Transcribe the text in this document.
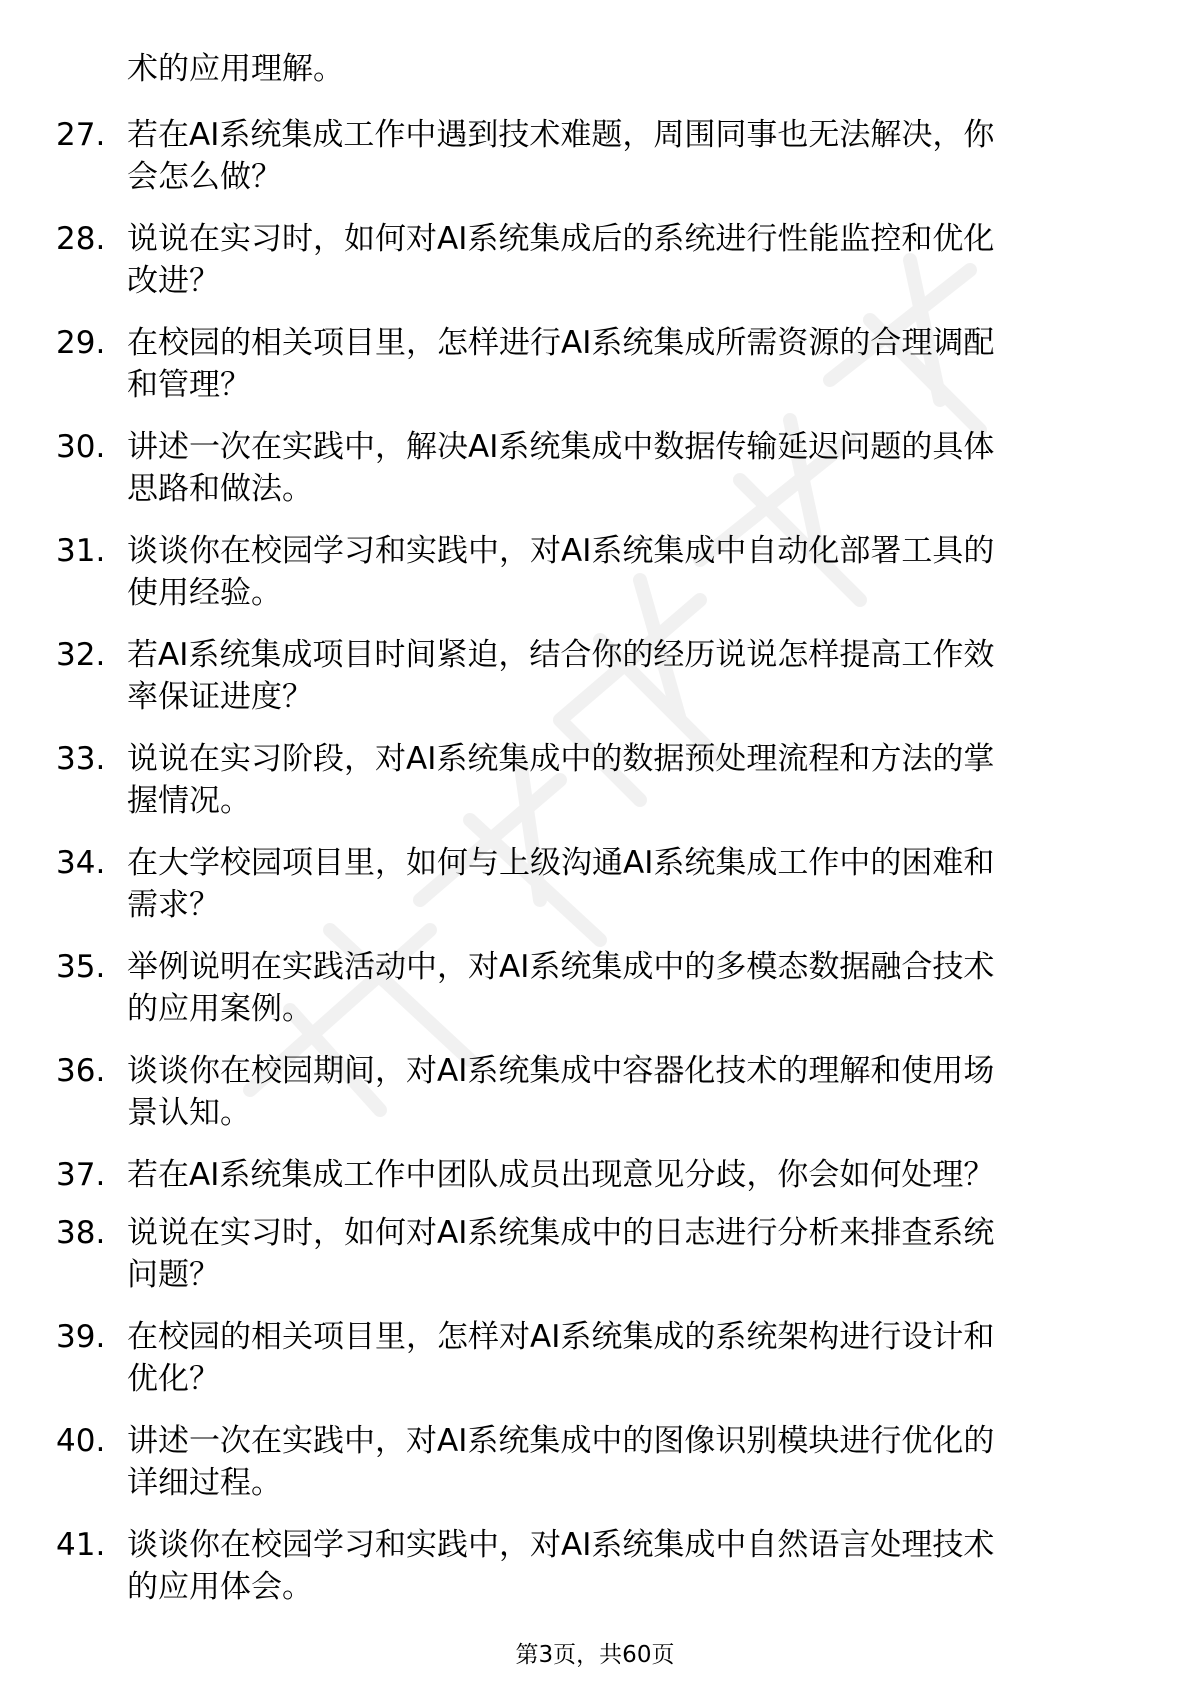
术的应用理解。
27. 若在AI系统集成工作中遇到技术难题，周围同事也无法解决，你
会怎么做？
28. 说说在实习时，如何对AI系统集成后的系统进行性能监控和优化
改进？
29. 在校园的相关项目里，怎样进行AI系统集成所需资源的合理调配
和管理？
30. 讲述一次在实践中，解决AI系统集成中数据传输延迟问题的具体
思路和做法。
31. 谈谈你在校园学习和实践中，对AI系统集成中自动化部署工具的
使用经验。
32. 若AI系统集成项目时间紧迫，结合你的经历说说怎样提高工作效
率保证进度？
33. 说说在实习阶段，对AI系统集成中的数据预处理流程和方法的掌
握情况。
34. 在大学校园项目里，如何与上级沟通AI系统集成工作中的困难和
需求？
35. 举例说明在实践活动中，对AI系统集成中的多模态数据融合技术
的应用案例。
36. 谈谈你在校园期间，对AI系统集成中容器化技术的理解和使用场
景认知。
37. 若在AI系统集成工作中团队成员出现意见分歧，你会如何处理？
38. 说说在实习时，如何对AI系统集成中的日志进行分析来排查系统
问题？
39. 在校园的相关项目里，怎样对AI系统集成的系统架构进行设计和
优化？
40. 讲述一次在实践中，对AI系统集成中的图像识别模块进行优化的
详细过程。
41. 谈谈你在校园学习和实践中，对AI系统集成中自然语言处理技术
的应用体会。
第3页，共60页
